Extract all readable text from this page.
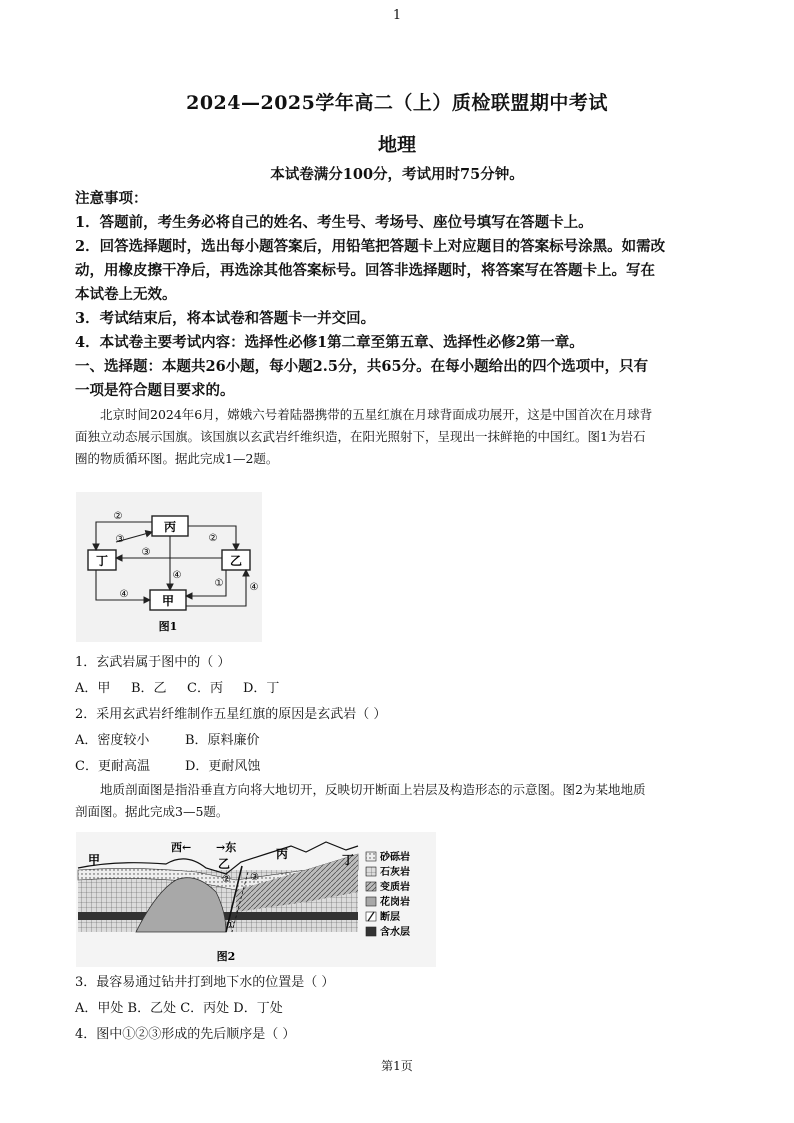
1
2024—2025学年高二（上）质检联盟期中考试
地理
本试卷满分100分，考试用时75分钟。
注意事项：
1．答题前，考生务必将自己的姓名、考生号、考场号、座位号填写在答题卡上。
2．回答选择题时，选出每小题答案后，用铅笔把答题卡上对应题目的答案标号涂黑。如需改
动，用橡皮擦干净后，再选涂其他答案标号。回答非选择题时，将答案写在答题卡上。写在
本试卷上无效。
3．考试结束后，将本试卷和答题卡一并交回。
4．本试卷主要考试内容：选择性必修1第二章至第五章、选择性必修2第一章。
一、选择题：本题共26小题，每小题2.5分，共65分。在每小题给出的四个选项中，只有
一项是符合题目要求的。
北京时间2024年6月，嫦娥六号着陆器携带的五星红旗在月球背面成功展开，这是中国首次在月球背
面独立动态展示国旗。该国旗以玄武岩纤维织造，在阳光照射下，呈现出一抹鲜艳的中国红。图1为岩石
圈的物质循环图。据此完成1—2题。
丙
丁	乙
甲
②
③
③
②
④
④
①	④
图1
1．玄武岩属于图中的（ ）
A．甲 B．乙 C．丙 D．丁
2．采用玄武岩纤维制作五星红旗的原因是玄武岩（ ）
A．密度较小	B．原料廉价
C．更耐高温	D．更耐风蚀
地质剖面图是指沿垂直方向将大地切开，反映切开断面上岩层及构造形态的示意图。图2为某地地质
剖面图。据此完成3—5题。
西← →东
甲	乙
丙	丁
② ③
①
砂砾岩
石灰岩
变质岩
花岗岩
断层
含水层
图2
3．最容易通过钻井打到地下水的位置是（ ）
A．甲处 B．乙处 C．丙处 D．丁处
4．图中①②③形成的先后顺序是（ ）
第1页
